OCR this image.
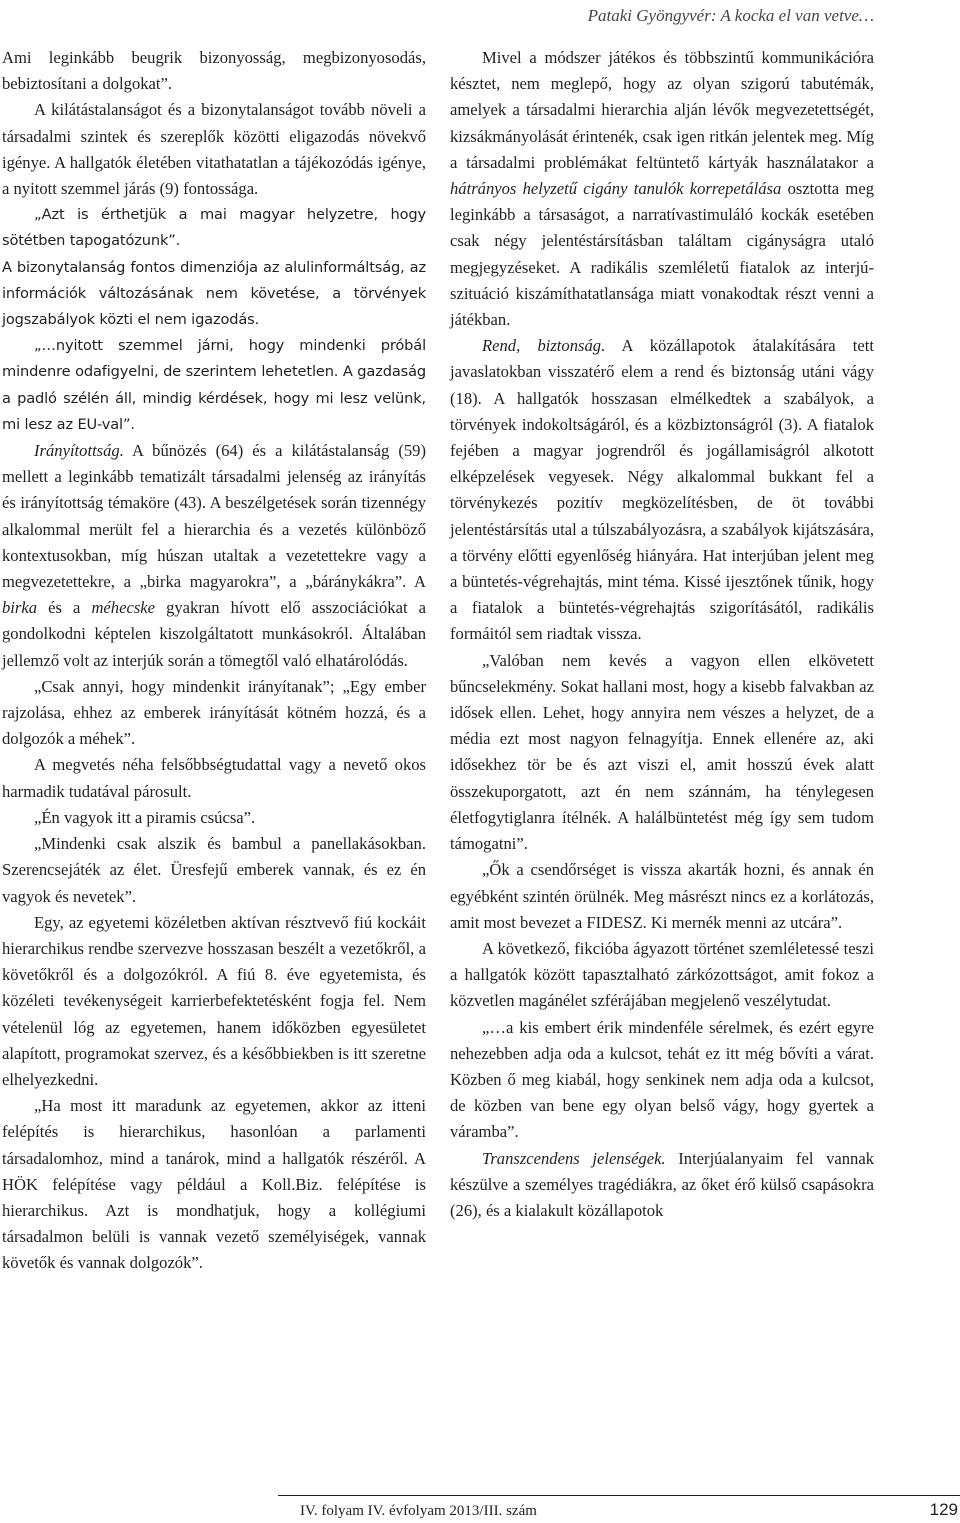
Pataki Gyöngyvér: A kocka el van vetve…

Ami leginkább beugrik bizonyosság, megbizonyosodás, bebiztosítani a dolgokat”.

A kilátástalanságot és a bizonytalanságot tovább növeli a társadalmi szintek és szereplők közötti eligazodás növekvő igénye. A hallgatók életében vitathatatlan a tájékozódás igénye, a nyitott szemmel járás (9) fontossága.

„Azt is érthetjük a mai magyar helyzetre, hogy sötétben tapogatózunk”.

A bizonytalanság fontos dimenziója az alulinformáltság, az információk változásának nem követése, a törvények jogszabályok közti el nem igazodás.

„…nyitott szemmel járni, hogy mindenki próbál mindenre odafigyelni, de szerintem lehetetlen. A gazdaság a padló szélén áll, mindig kérdések, hogy mi lesz velünk, mi lesz az EU-val”.

Irányítottság. A bűnözés (64) és a kilátástalanság (59) mellett a leginkább tematizált társadalmi jelenség az irányítás és irányítottság témaköre (43). A beszélgetések során tizennégy alkalommal merült fel a hierarchia és a vezetés különböző kontextusokban, míg húszan utaltak a vezetettekre vagy a megvezetettekre, a „birka magyarokra”, a „báránykákra”. A birka és a méhecske gyakran hívott elő asszociációkat a gondolkodni képtelen kiszolgáltatott munkásokról. Általában jellemző volt az interjúk során a tömegtől való elhatárolódás.

„Csak annyi, hogy mindenkit irányítanak”; „Egy ember rajzolása, ehhez az emberek irányítását kötném hozzá, és a dolgozók a méhek”.

A megvetés néha felsőbbségtudattal vagy a nevető okos harmadik tudatával párosult.

„Én vagyok itt a piramis csúcsa”.

„Mindenki csak alszik és bambul a panellakásokban. Szerencsejáték az élet. Üresfejű emberek vannak, és ez én vagyok és nevetek”.

Egy, az egyetemi közéletben aktívan résztvevő fiú kockáit hierarchikus rendbe szervezve hosszasan beszélt a vezetőkről, a követőkről és a dolgozókról. A fiú 8. éve egyetemista, és közéleti tevékenységeit karrierbefektetésként fogja fel. Nem vételenül lóg az egyetemen, hanem időközben egyesületet alapított, programokat szervez, és a későbbiekben is itt szeretne elhelyezkedni.

„Ha most itt maradunk az egyetemen, akkor az itteni felépítés is hierarchikus, hasonlóan a parlamenti társadalomhoz, mind a tanárok, mind a hallgatók részéről. A HÖK felépítése vagy például a Koll.Biz. felépítése is hierarchikus. Azt is mondhatjuk, hogy a kollégiumi társadalmon belüli is vannak vezető személyiségek, vannak követők és vannak dolgozók”.

Mivel a módszer játékos és többszintű kommunikációra késztet, nem meglepő, hogy az olyan szigorú tabutémák, amelyek a társadalmi hierarchia alján lévők megvezetettségét, kizsákmányolását érintenék, csak igen ritkán jelentek meg. Míg a társadalmi problémákat feltüntető kártyák használatakor a hátrányos helyzetű cigány tanulók korrepetálása osztotta meg leginkább a társaságot, a narratívastimuláló kockák esetében csak négy jelentéstársításban találtam cigányságra utaló megjegyzéseket. A radikális szemléletű fiatalok az interjú-szituáció kiszámíthatatlansága miatt vonakodtak részt venni a játékban.

Rend, biztonság. A közállapotok átalakítására tett javaslatokban visszatérő elem a rend és biztonság utáni vágy (18). A hallgatók hosszasan elmélkedtek a szabályok, a törvények indokoltságáról, és a közbiztonságról (3). A fiatalok fejében a magyar jogrendről és jogállamiságról alkotott elképzelések vegyesek. Négy alkalommal bukkant fel a törvénykezés pozitív megközelítésben, de öt további jelentéstársítás utal a túlszabályozásra, a szabályok kijátszására, a törvény előtti egyenlőség hiányára. Hat interjúban jelent meg a büntetés-végrehajtás, mint téma. Kissé ijesztőnek tűnik, hogy a fiatalok a büntetés-végrehajtás szigorításától, radikális formáitól sem riadtak vissza.

„Valóban nem kevés a vagyon ellen elkövetett bűncselekmény. Sokat hallani most, hogy a kisebb falvakban az idősek ellen. Lehet, hogy annyira nem vészes a helyzet, de a média ezt most nagyon felnagyítja. Ennek ellenére az, aki idősekhez tör be és azt viszi el, amit hosszú évek alatt összekuporgatott, azt én nem szánnám, ha ténylegesen életfogytiglanra ítélnék. A halálbüntetést még így sem tudom támogatni”.

„Ők a csendőrséget is vissza akarták hozni, és annak én egyébként szintén örülnék. Meg másrészt nincs ez a korlátozás, amit most bevezet a FIDESZ. Ki mernék menni az utcára”.

A következő, fikcióba ágyazott történet szemléletessé teszi a hallgatók között tapasztalható zárkózottságot, amit fokoz a közvetlen magánélet szférájában megjelenő veszélytudat.

„…a kis embert érik mindenféle sérelmek, és ezért egyre nehezebben adja oda a kulcsot, tehát ez itt még bővíti a várat. Közben ő meg kiabál, hogy senkinek nem adja oda a kulcsot, de közben van bene egy olyan belső vágy, hogy gyertek a váramba”.

Transzcendens jelenségek. Interjúalanyaim fel vannak készülve a személyes tragédiákra, az őket érő külső csapásokra (26), és a kialakult közállapotok

IV. folyam IV. évfolyam 2013/III. szám	129
